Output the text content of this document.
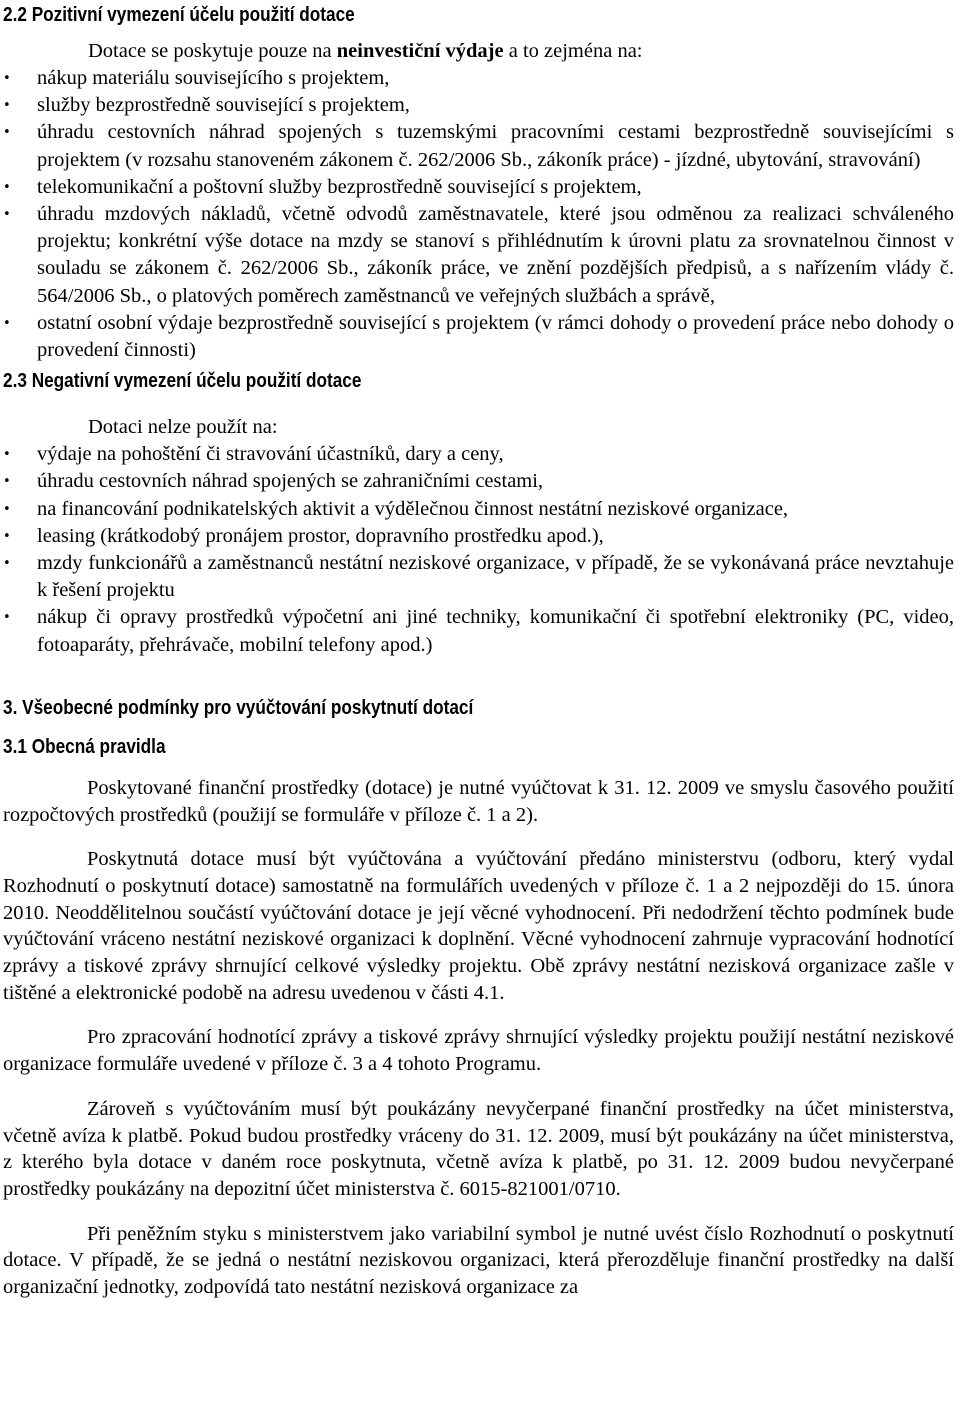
2.2 Pozitivní vymezení účelu použití dotace

Dotace se poskytuje pouze na neinvestiční výdaje a to zejména na:

•	nákup materiálu souvisejícího s projektem,
•	služby bezprostředně související s projektem,
•	úhradu cestovních náhrad spojených s tuzemskými pracovními cestami bezprostředně souvisejícími s projektem (v rozsahu stanoveném zákonem č. 262/2006 Sb., zákoník práce) - jízdné, ubytování, stravování)
•	telekomunikační a poštovní služby bezprostředně související s projektem,
•	úhradu mzdových nákladů, včetně odvodů zaměstnavatele, které jsou odměnou za realizaci schváleného projektu; konkrétní výše dotace na mzdy se stanoví s přihlédnutím k úrovni platu za srovnatelnou činnost v souladu se zákonem č. 262/2006 Sb., zákoník práce, ve znění pozdějších předpisů, a s nařízením vlády č. 564/2006 Sb., o platových poměrech zaměstnanců ve veřejných službách a správě,
•	ostatní osobní výdaje bezprostředně související s projektem (v rámci dohody o provedení práce nebo dohody o provedení činnosti)
2.3 Negativní vymezení účelu použití dotace

Dotaci nelze použít na:

•	výdaje na pohoštění či stravování účastníků, dary a ceny,
•	úhradu cestovních náhrad spojených se zahraničními cestami,
•	na financování podnikatelských aktivit a výdělečnou činnost nestátní neziskové organizace,
•	leasing (krátkodobý pronájem prostor, dopravního prostředku apod.),
•	mzdy funkcionářů a zaměstnanců nestátní neziskové organizace, v případě, že se vykonávaná práce nevztahuje k řešení projektu
•	nákup či opravy prostředků výpočetní ani jiné techniky, komunikační či spotřební elektroniky (PC, video, fotoaparáty, přehrávače, mobilní telefony apod.)
3. Všeobecné podmínky pro vyúčtování poskytnutí dotací
3.1 Obecná pravidla

Poskytované finanční prostředky (dotace) je nutné vyúčtovat k 31. 12. 2009 ve smyslu časového použití rozpočtových prostředků (použijí se formuláře v příloze č. 1 a 2).

Poskytnutá dotace musí být vyúčtována a vyúčtování předáno ministerstvu (odboru, který vydal Rozhodnutí o poskytnutí dotace) samostatně na formulářích uvedených v příloze č. 1 a 2 nejpozději do 15. února 2010. Neoddělitelnou součástí vyúčtování dotace je její věcné vyhodnocení. Při nedodržení těchto podmínek bude vyúčtování vráceno nestátní neziskové organizaci k doplnění. Věcné vyhodnocení zahrnuje vypracování hodnotící zprávy a tiskové zprávy shrnující celkové výsledky projektu. Obě zprávy nestátní nezisková organizace zašle v tištěné a elektronické podobě na adresu uvedenou v části 4.1.

Pro zpracování hodnotící zprávy a tiskové zprávy shrnující výsledky projektu použijí nestátní neziskové organizace formuláře uvedené v příloze č. 3 a 4 tohoto Programu.

Zároveň s vyúčtováním musí být poukázány nevyčerpané finanční prostředky na účet ministerstva, včetně avíza k platbě. Pokud budou prostředky vráceny do 31. 12. 2009, musí být poukázány na účet ministerstva, z kterého byla dotace v daném roce poskytnuta, včetně avíza k platbě, po 31. 12. 2009 budou nevyčerpané prostředky poukázány na depozitní účet ministerstva č. 6015-821001/0710.

Při peněžním styku s ministerstvem jako variabilní symbol je nutné uvést číslo Rozhodnutí o poskytnutí dotace. V případě, že se jedná o nestátní neziskovou organizaci, která přerozděluje finanční prostředky na další organizační jednotky, zodpovídá tato nestátní nezisková organizace za
